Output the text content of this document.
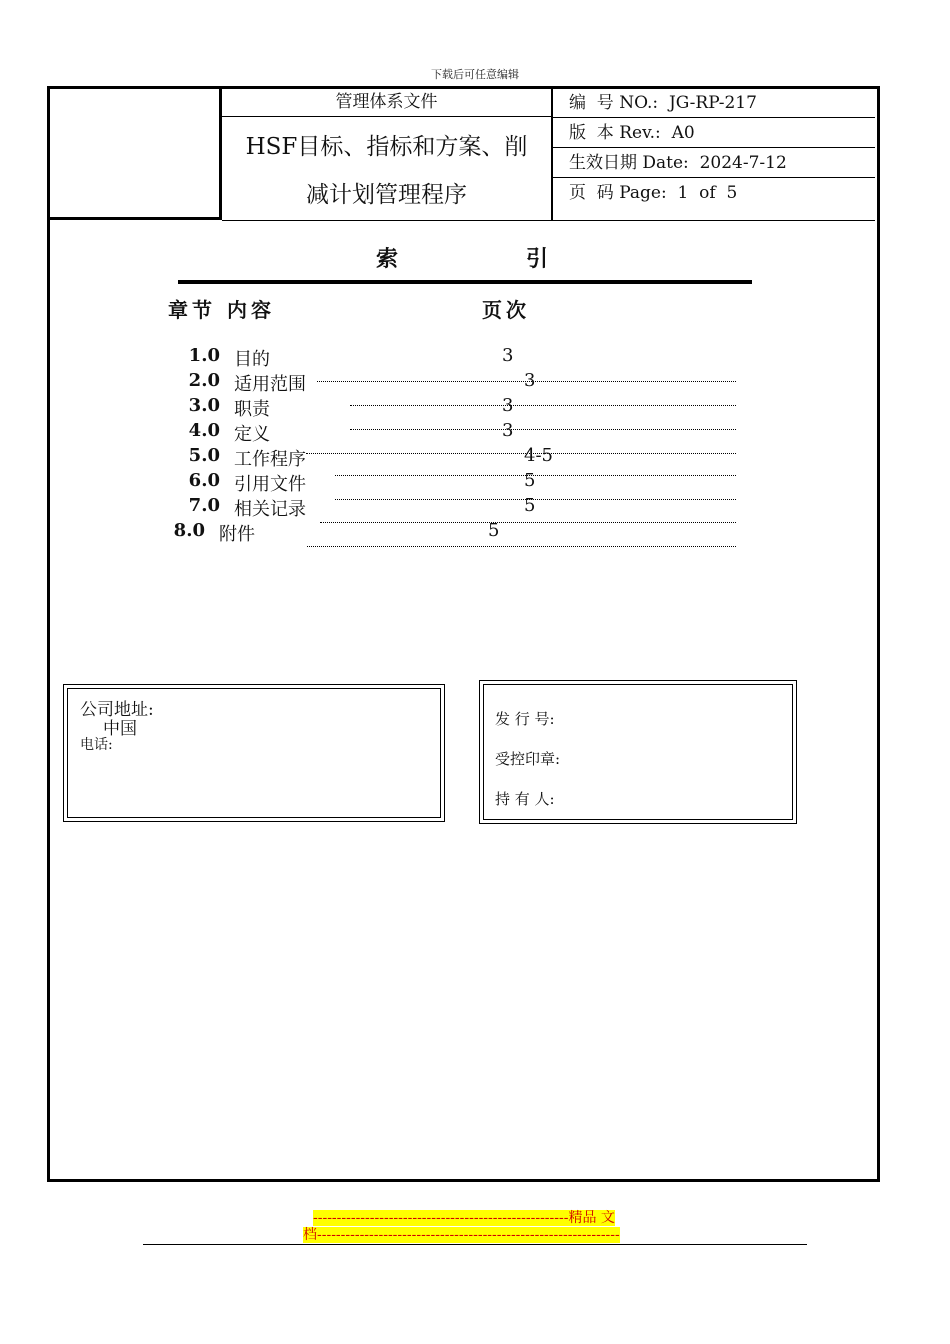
下载后可任意编辑
管理体系文件
HSF目标、指标和方案、削
减计划管理程序
编  号 NO.:  JG-RP-217
版  本 Rev.:  A0
生效日期 Date:  2024-7-12
页  码 Page:  1  of  5
索	引
章节 内容	页次
1.0 目的	3
2.0 适用范围	3
3.0 职责	3
4.0 定义	3
5.0 工作程序	4-5
6.0 引用文件	5
7.0 相关记录	5
8.0 附件	5
公司地址:
中国
电话:
发 行 号:
受控印章:
持 有 人:
------------------------------------------------------精品 文
档----------------------------------------------------------------
